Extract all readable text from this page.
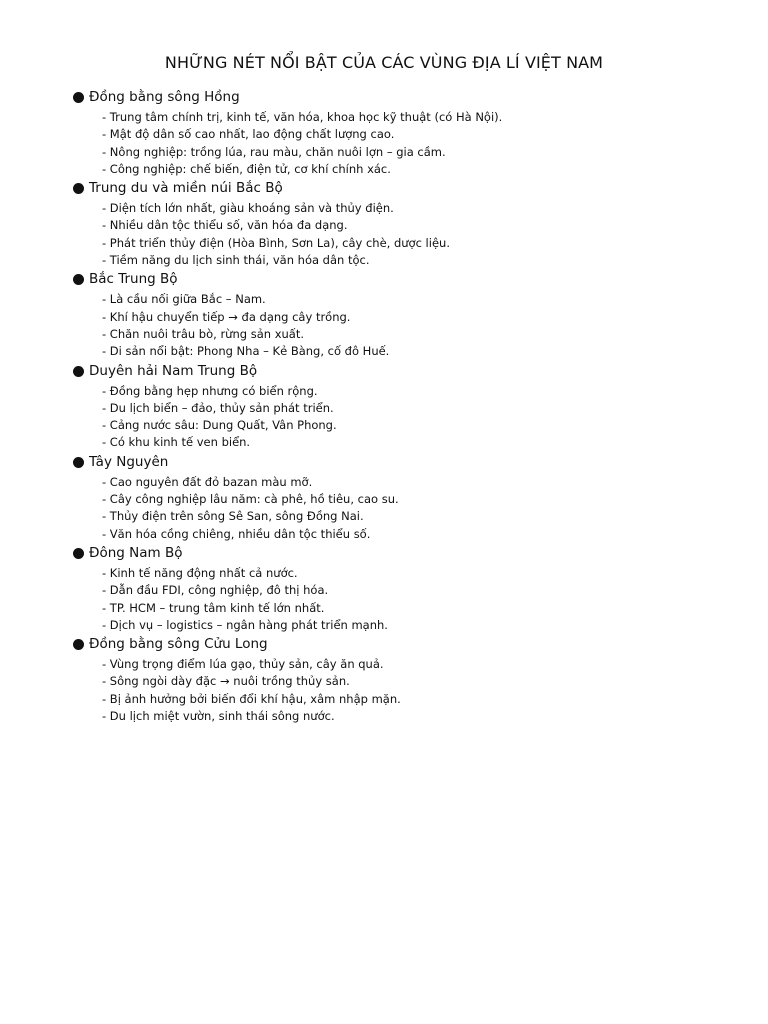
NHỮNG NÉT NỔI BẬT CỦA CÁC VÙNG ĐỊA LÍ VIỆT NAM
Đồng bằng sông Hồng
- Trung tâm chính trị, kinh tế, văn hóa, khoa học kỹ thuật (có Hà Nội).
- Mật độ dân số cao nhất, lao động chất lượng cao.
- Nông nghiệp: trồng lúa, rau màu, chăn nuôi lợn – gia cầm.
- Công nghiệp: chế biến, điện tử, cơ khí chính xác.
Trung du và miền núi Bắc Bộ
- Diện tích lớn nhất, giàu khoáng sản và thủy điện.
- Nhiều dân tộc thiểu số, văn hóa đa dạng.
- Phát triển thủy điện (Hòa Bình, Sơn La), cây chè, dược liệu.
- Tiềm năng du lịch sinh thái, văn hóa dân tộc.
Bắc Trung Bộ
- Là cầu nối giữa Bắc – Nam.
- Khí hậu chuyển tiếp → đa dạng cây trồng.
- Chăn nuôi trâu bò, rừng sản xuất.
- Di sản nổi bật: Phong Nha – Kẻ Bàng, cố đô Huế.
Duyên hải Nam Trung Bộ
- Đồng bằng hẹp nhưng có biển rộng.
- Du lịch biển – đảo, thủy sản phát triển.
- Cảng nước sâu: Dung Quất, Vân Phong.
- Có khu kinh tế ven biển.
Tây Nguyên
- Cao nguyên đất đỏ bazan màu mỡ.
- Cây công nghiệp lâu năm: cà phê, hồ tiêu, cao su.
- Thủy điện trên sông Sê San, sông Đồng Nai.
- Văn hóa cồng chiêng, nhiều dân tộc thiểu số.
Đông Nam Bộ
- Kinh tế năng động nhất cả nước.
- Dẫn đầu FDI, công nghiệp, đô thị hóa.
- TP. HCM – trung tâm kinh tế lớn nhất.
- Dịch vụ – logistics – ngân hàng phát triển mạnh.
Đồng bằng sông Cửu Long
- Vùng trọng điểm lúa gạo, thủy sản, cây ăn quả.
- Sông ngòi dày đặc → nuôi trồng thủy sản.
- Bị ảnh hưởng bởi biến đổi khí hậu, xâm nhập mặn.
- Du lịch miệt vườn, sinh thái sông nước.
